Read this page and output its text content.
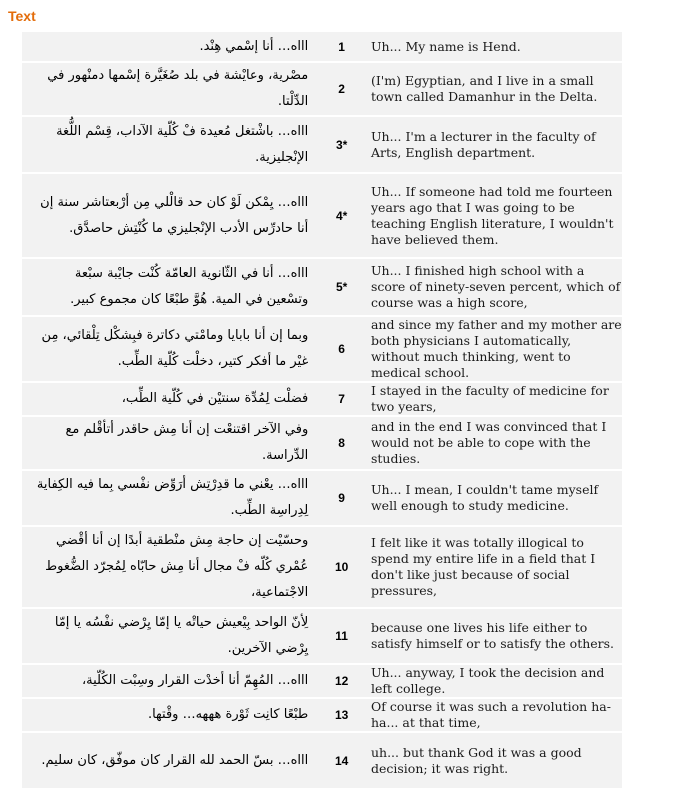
Text
اااه… أنا إسْمي هِنْد.	1	Uh... My name is Hend.
مصْرية، وعايْشة في بلد صُغَيَّرة إسْمها دمنْهور في الدِّلْتا.	2	(I'm) Egyptian, and I live in a small town called Damanhur in the Delta.
اااه… باشْتغل مُعيدة فْ كُلّية الآداب، قِسْم اللُّغة الإنْجليزية.	3*	Uh... I'm a lecturer in the faculty of Arts, English department.
اااه… يِمْكن لَوْ كان حد قالْلي مِن أرْبعتاشر سنة إن أنا حادرِّس الأدب الإنْجليزي ما كُنْتِش حاصدَّق.	4*	Uh... If someone had told me fourteen years ago that I was going to be teaching English literature, I wouldn't have believed them.
اااه… أنا في الثّانوية العامّة كُنْت جايْبة سبْعة وتسْعين في المية. هُوَّ طبْعًا كان مجموع كبير.	5*	Uh... I finished high school with a score of ninety-seven percent, which of course was a high score,
وبما إن أنا بابايا ومامْتي دكاترة فبِشكْل تِلْقائي، مِن غيْر ما أفكر كتير، دخلْت كُلّية الطِّب.	6	and since my father and my mother are both physicians I automatically, without much thinking, went to medical school.
فضلْت لِمُدِّة سنتيْن في كُلّية الطِّب،	7	I stayed in the faculty of medicine for two years,
وفي الآخر اقتنعْت إن أنا مِش حاقدر أتأقْلم مع الدِّراسة.	8	and in the end I was convinced that I would not be able to cope with the studies.
اااه… يعْني ما قدِرْتِش أرَوِّض نفْسي بِما فيه الكِفاية لِدِراسِة الطِّب.	9	Uh... I mean, I couldn't tame myself well enough to study medicine.
وحسّيْت إن حاجة مِش منْطقية أبدًا إن أنا أقْضي عُمْري كُلّه فْ مجال أنا مِش حابّاه لِمُجرّد الضُّغوط الاجْتماعية،	10	I felt like it was totally illogical to spend my entire life in a field that I don't like just because of social pressures,
لِأنّ الواحد بِيْعيش حياتْه يا إمّا يِرْضي نفْسُه يا إمّا يِرْضي الآخرين.	11	because one lives his life either to satisfy himself or to satisfy the others.
اااه… المُهِمّ أنا أخدْت القرار وسِبْت الكُلّية،	12	Uh... anyway, I took the decision and left college.
طبْعًا كانِت ثَوْرة هههه… وقْتها.	13	Of course it was such a revolution ha-ha... at that time,
اااه… بسّ الحمد لله القرار كان موفّق، كان سليم.	14	uh... but thank God it was a good decision; it was right.
